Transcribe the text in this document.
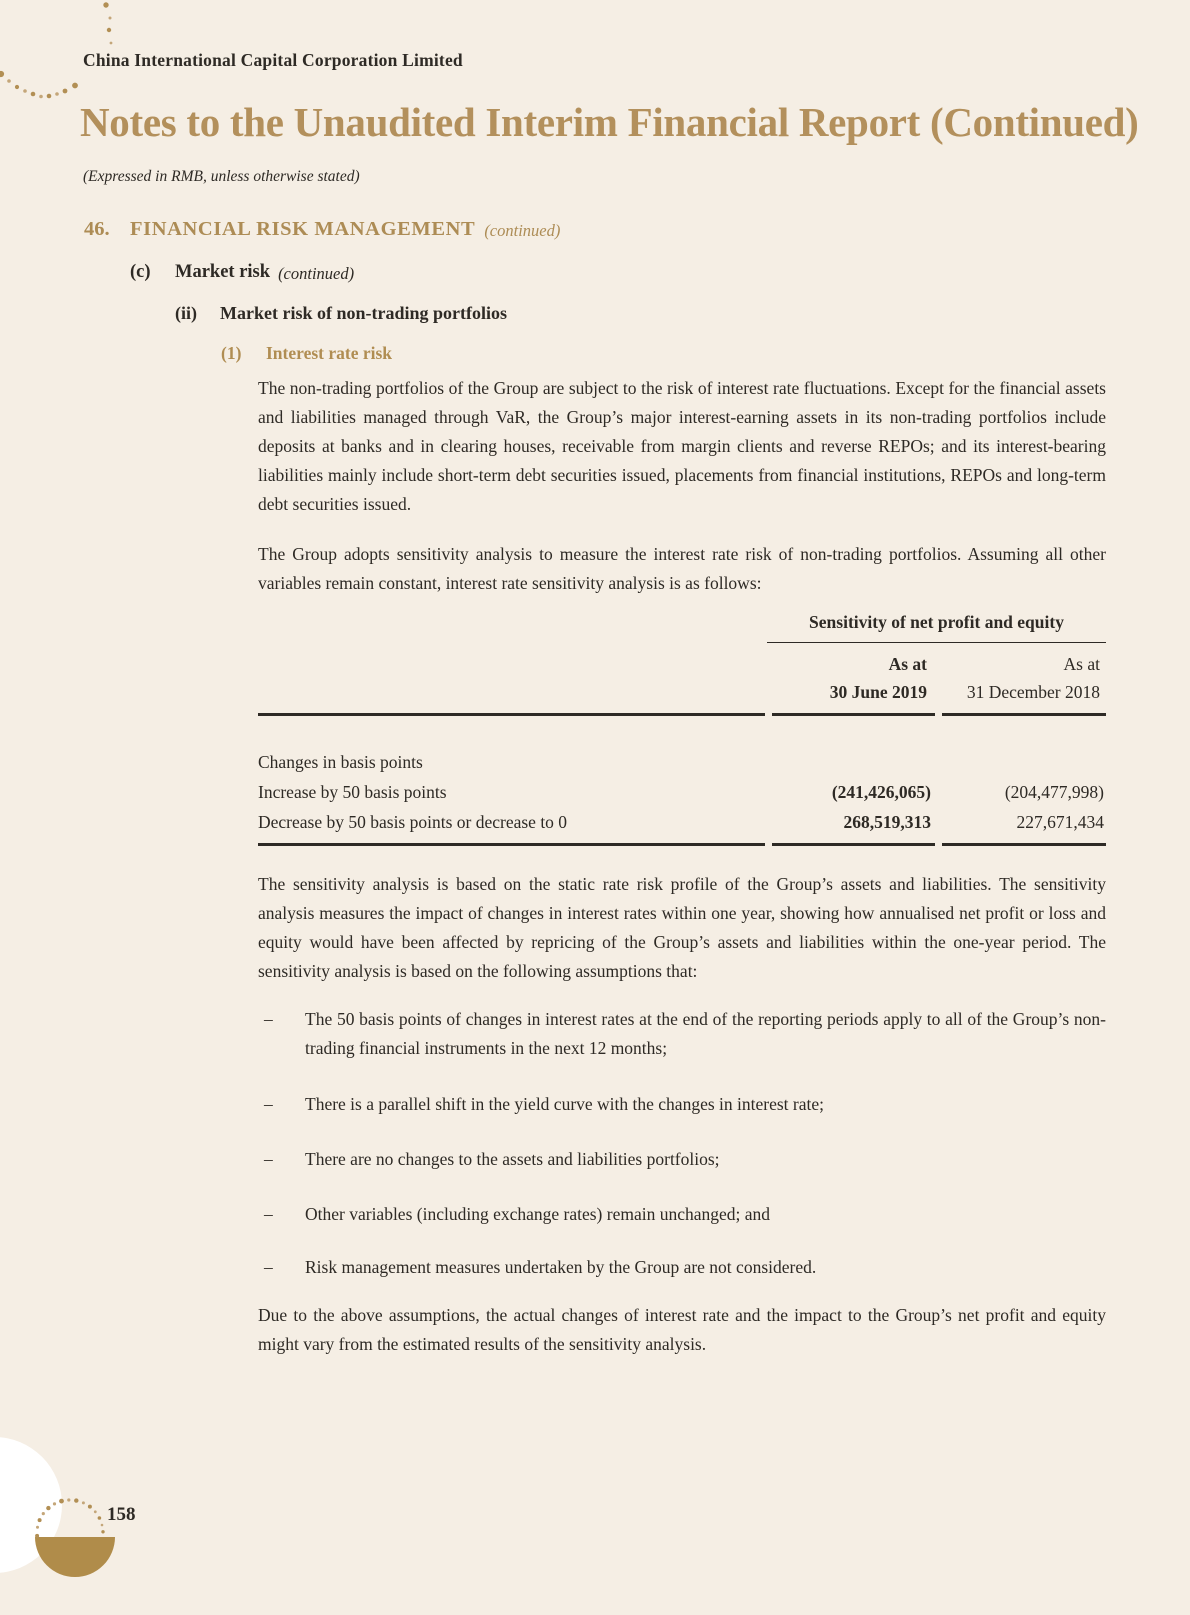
China International Capital Corporation Limited
Notes to the Unaudited Interim Financial Report (Continued)
(Expressed in RMB, unless otherwise stated)
46. FINANCIAL RISK MANAGEMENT (continued)
(c)	Market risk (continued)
(ii)	Market risk of non-trading portfolios
(1)	Interest rate risk
The non-trading portfolios of the Group are subject to the risk of interest rate fluctuations. Except for the financial assets and liabilities managed through VaR, the Group’s major interest-earning assets in its non-trading portfolios include deposits at banks and in clearing houses, receivable from margin clients and reverse REPOs; and its interest-bearing liabilities mainly include short-term debt securities issued, placements from financial institutions, REPOs and long-term debt securities issued.
The Group adopts sensitivity analysis to measure the interest rate risk of non-trading portfolios. Assuming all other variables remain constant, interest rate sensitivity analysis is as follows:
Sensitivity of net profit and equity
As at
30 June 2019
As at
31 December 2018
Changes in basis points
Increase by 50 basis points	(241,426,065)	(204,477,998)
Decrease by 50 basis points or decrease to 0	268,519,313	227,671,434
The sensitivity analysis is based on the static rate risk profile of the Group’s assets and liabilities. The sensitivity analysis measures the impact of changes in interest rates within one year, showing how annualised net profit or loss and equity would have been affected by repricing of the Group’s assets and liabilities within the one-year period. The sensitivity analysis is based on the following assumptions that:
–	The 50 basis points of changes in interest rates at the end of the reporting periods apply to all of the Group’s non-trading financial instruments in the next 12 months;
–	There is a parallel shift in the yield curve with the changes in interest rate;
–	There are no changes to the assets and liabilities portfolios;
–	Other variables (including exchange rates) remain unchanged; and
–	Risk management measures undertaken by the Group are not considered.
Due to the above assumptions, the actual changes of interest rate and the impact to the Group’s net profit and equity might vary from the estimated results of the sensitivity analysis.
158
